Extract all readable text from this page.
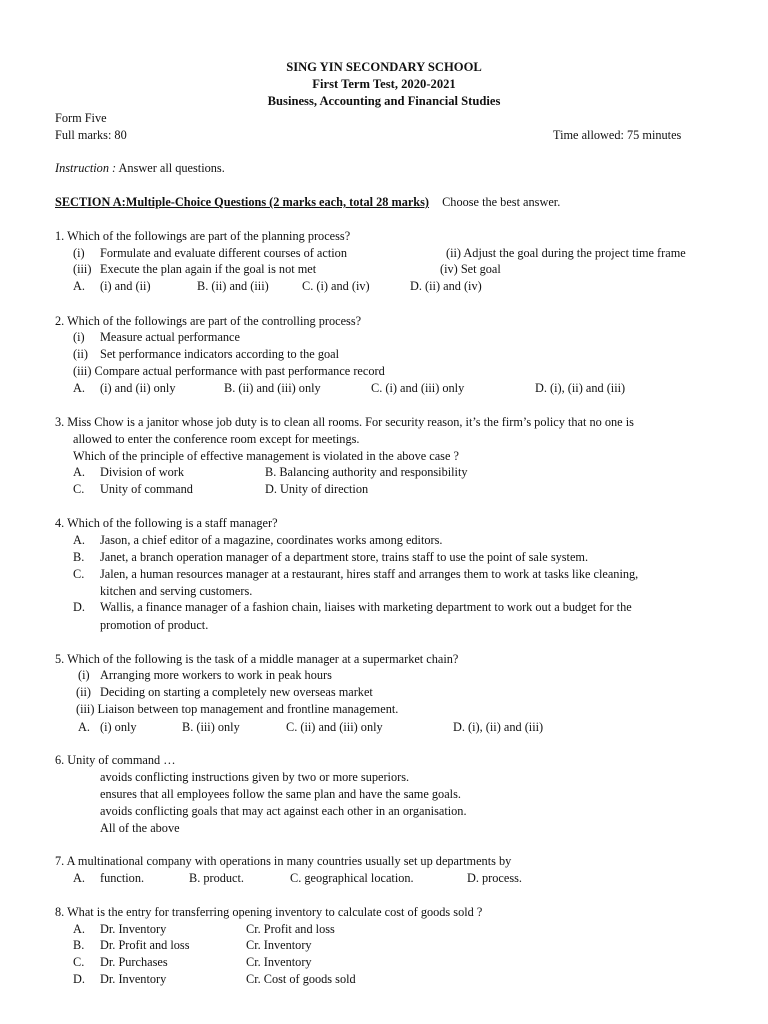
SING YIN SECONDARY SCHOOL
First Term Test, 2020-2021
Business, Accounting and Financial Studies
Form Five
Full marks: 80	Time allowed: 75 minutes
Instruction : Answer all questions.
SECTION A:Multiple-Choice Questions (2 marks each, total 28 marks) Choose the best answer.
1. Which of the followings are part of the planning process?
(i) Formulate and evaluate different courses of action	(ii) Adjust the goal during the project time frame
(iii) Execute the plan again if the goal is not met	(iv) Set goal
A. (i) and (ii)	B. (ii) and (iii)	C. (i) and (iv)	D. (ii) and (iv)
2. Which of the followings are part of the controlling process?
(i) Measure actual performance
(ii) Set performance indicators according to the goal
(iii) Compare actual performance with past performance record
A. (i) and (ii) only	B. (ii) and (iii) only	C. (i) and (iii) only	D. (i), (ii) and (iii)
3. Miss Chow is a janitor whose job duty is to clean all rooms. For security reason, it’s the firm’s policy that no one is
allowed to enter the conference room except for meetings.
Which of the principle of effective management is violated in the above case ?
A. Division of work	B. Balancing authority and responsibility
C. Unity of command	D. Unity of direction
4. Which of the following is a staff manager?
A. Jason, a chief editor of a magazine, coordinates works among editors.
B. Janet, a branch operation manager of a department store, trains staff to use the point of sale system.
C. Jalen, a human resources manager at a restaurant, hires staff and arranges them to work at tasks like cleaning,
kitchen and serving customers.
D. Wallis, a finance manager of a fashion chain, liaises with marketing department to work out a budget for the
promotion of product.
5. Which of the following is the task of a middle manager at a supermarket chain?
(i) Arranging more workers to work in peak hours
(ii) Deciding on starting a completely new overseas market
(iii) Liaison between top management and frontline management.
A. (i) only	B. (iii) only	C. (ii) and (iii) only	D. (i), (ii) and (iii)
6. Unity of command …
avoids conflicting instructions given by two or more superiors.
ensures that all employees follow the same plan and have the same goals.
avoids conflicting goals that may act against each other in an organisation.
All of the above
7. A multinational company with operations in many countries usually set up departments by
A. function.	B. product.	C. geographical location.	D. process.
8. What is the entry for transferring opening inventory to calculate cost of goods sold ?
A. Dr. Inventory	Cr. Profit and loss
B. Dr. Profit and loss	Cr. Inventory
C. Dr. Purchases	Cr. Inventory
D. Dr. Inventory	Cr. Cost of goods sold
